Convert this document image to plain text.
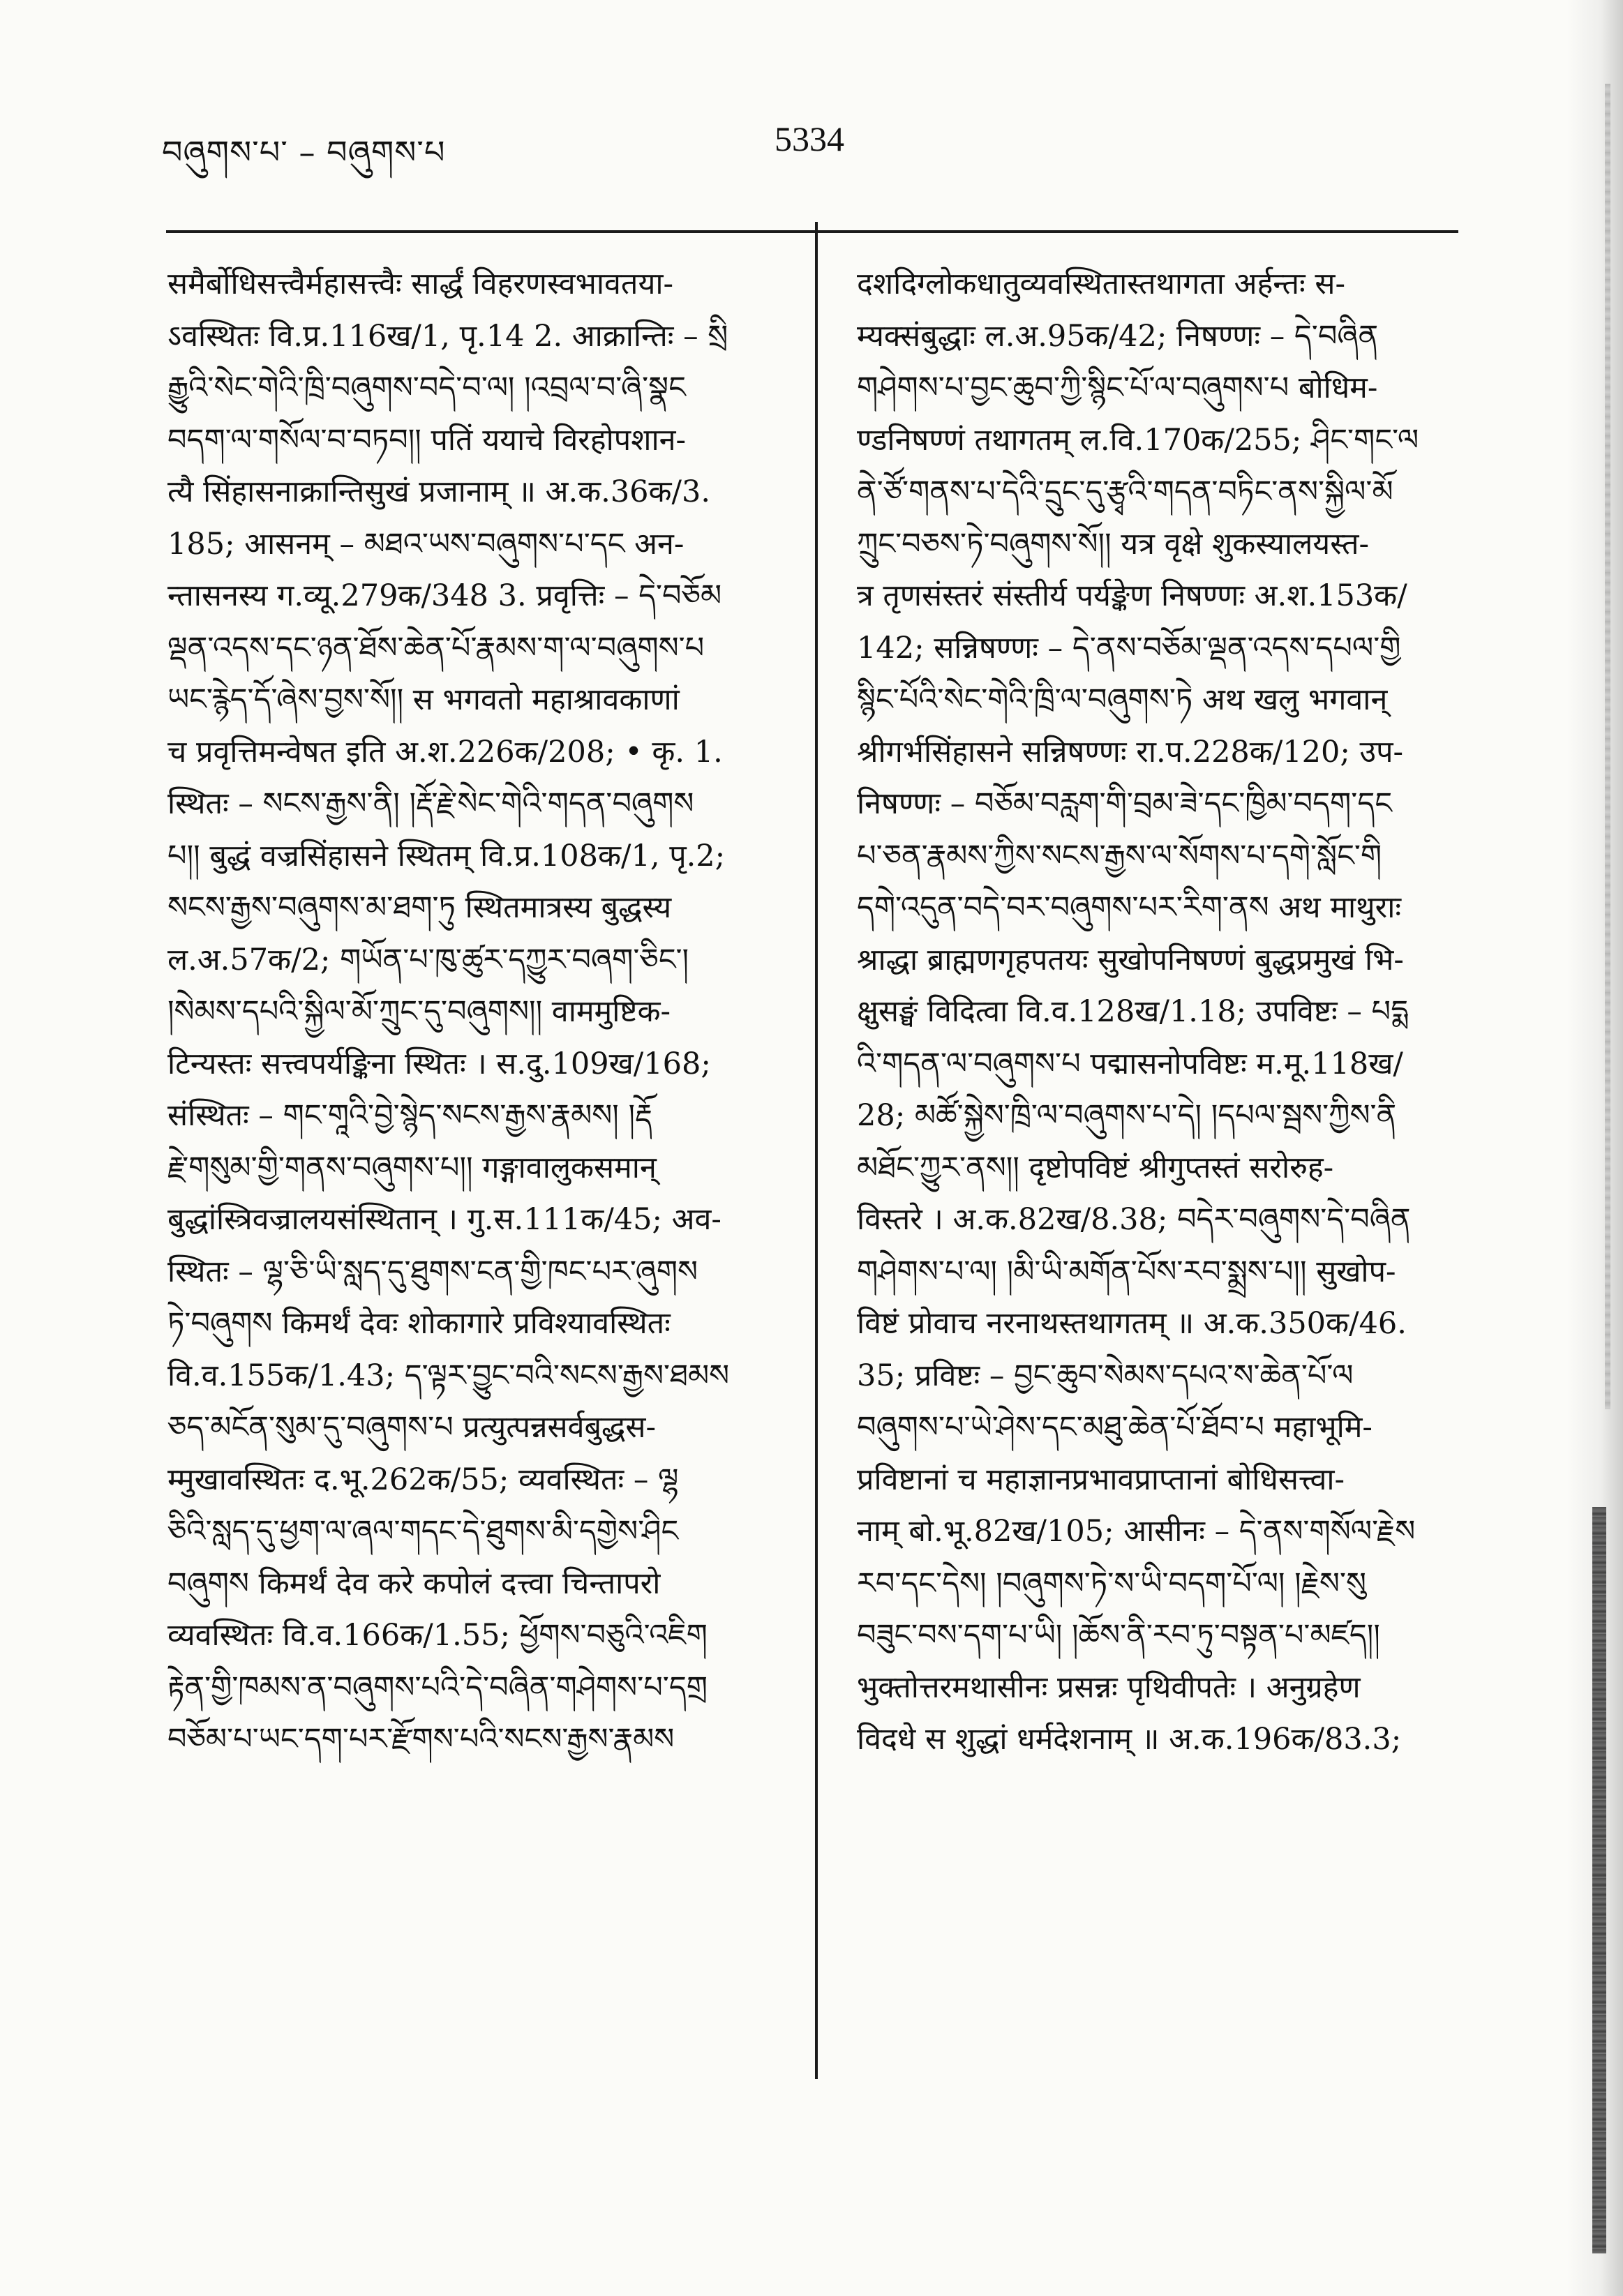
བཞུགས་པ་ – བཞུགས་པ	5334
समैर्बोधिसत्त्वैर्महासत्त्वैः सार्द्धं विहरणस्वभावतया-
ऽवस्थितः वि.प्र.116ख/1, पृ.14 2. आक्रान्तिः – སྲི
རྒྱུའི་སེང་གེའི་ཁྲི་བཞུགས་བདེ་བ་ལ། །འབྲལ་བ་ཞི་སྣང
བདག་ལ་གསོལ་བ་བཏབ།། पतिं ययाचे विरहोपशान-
त्यै सिंहासनाक्रान्तिसुखं प्रजानाम् ॥ अ.क.36क/3.
185; आसनम् – མཐའ་ཡས་བཞུགས་པ་དང अन-
न्तासनस्य ग.व्यू.279क/348 3. प्रवृत्तिः – དེ་བཅོམ
ལྡན་འདས་དང་ཉན་ཐོས་ཆེན་པོ་རྣམས་ག་ལ་བཞུགས་པ
ཡང་རྙེད་དོ་ཞེས་བྱས་སོ།། स भगवतो महाश्रावकाणां
च प्रवृत्तिमन्वेषत इति अ.श.226क/208; • कृ. 1.
स्थितः – སངས་རྒྱས་ནི། །རྡོ་རྗེ་སེང་གེའི་གདན་བཞུགས
པ།། बुद्धं वज्रसिंहासने स्थितम् वि.प्र.108क/1, पृ.2;
སངས་རྒྱས་བཞུགས་མ་ཐག་ཏུ स्थितमात्रस्य बुद्धस्य
ल.अ.57क/2; གཡོན་པ་ཁུ་ཚུར་དཀྱུར་བཞག་ཅིང་།
།སེམས་དཔའི་སྐྱིལ་མོ་ཀྲུང་དུ་བཞུགས།། वाममुष्टिक-
टिन्यस्तः सत्त्वपर्यङ्किना स्थितः । स.दु.109ख/168;
संस्थितः – གང་གཱའི་བྱེ་སྙེད་སངས་རྒྱས་རྣམས། །རྡོ
རྗེ་གསུམ་གྱི་གནས་བཞུགས་པ།། गङ्गावालुकसमान्
बुद्धांस्त्रिवज्रालयसंस्थितान् । गु.स.111क/45; अव-
स्थितः – ལྷ་ཅི་ཡི་སླད་དུ་ཐུགས་ངན་གྱི་ཁང་པར་ཞུགས
ཏེ་བཞུགས किमर्थं देवः शोकागारे प्रविश्यावस्थितः
वि.व.155क/1.43; ད་ལྟར་བྱུང་བའི་སངས་རྒྱས་ཐམས
ཅད་མངོན་སུམ་དུ་བཞུགས་པ प्रत्युत्पन्नसर्वबुद्धस-
म्मुखावस्थितः द.भू.262क/55; व्यवस्थितः – ལྷ
ཅིའི་སླད་དུ་ཕྱག་ལ་ཞལ་གདང་དེ་ཐུགས་མི་དགྱེས་ཤིང
བཞུགས किमर्थं देव करे कपोलं दत्त्वा चिन्तापरो
व्यवस्थितः वि.व.166क/1.55; ཕྱོགས་བཅུའི་འཇིག
རྟེན་གྱི་ཁམས་ན་བཞུགས་པའི་དེ་བཞིན་གཤེགས་པ་དགྲ
བཅོམ་པ་ཡང་དག་པར་རྫོགས་པའི་སངས་རྒྱས་རྣམས
दशदिग्लोकधातुव्यवस्थितास्तथागता अर्हन्तः स-
म्यक्संबुद्धाः ल.अ.95क/42; निषण्णः – དེ་བཞིན
གཤེགས་པ་བྱང་ཆུབ་ཀྱི་སྙིང་པོ་ལ་བཞུགས་པ बोधिम-
ण्डनिषण्णं तथागतम् ल.वि.170क/255; ཤིང་གང་ལ
ནེ་ཙོ་གནས་པ་དེའི་དྲུང་དུ་རྩྭའི་གདན་བཏིང་ནས་སྐྱིལ་མོ
ཀྲུང་བཅས་ཏེ་བཞུགས་སོ།། यत्र वृक्षे शुकस्यालयस्त-
त्र तृणसंस्तरं संस्तीर्य पर्यङ्केण निषण्णः अ.श.153क/
142; सन्निषण्णः – དེ་ནས་བཅོམ་ལྡན་འདས་དཔལ་གྱི
སྙིང་པོའི་སེང་གེའི་ཁྲི་ལ་བཞུགས་ཏེ अथ खलु भगवान्
श्रीगर्भसिंहासने सन्निषण्णः रा.प.228क/120; उप-
निषण्णः – བཅོམ་བརླག་གི་བྲམ་ཟེ་དང་ཁྱིམ་བདག་དང
པ་ཅན་རྣམས་ཀྱིས་སངས་རྒྱས་ལ་སོགས་པ་དགེ་སློང་གི
དགེ་འདུན་བདེ་བར་བཞུགས་པར་རིག་ནས अथ माथुराः
श्राद्धा ब्राह्मणगृहपतयः सुखोपनिषण्णं बुद्धप्रमुखं भि-
क्षुसङ्घं विदित्वा वि.व.128ख/1.18; उपविष्टः – པདྨ
འི་གདན་ལ་བཞུགས་པ पद्मासनोपविष्टः म.मू.118ख/
28; མཚོ་སྐྱེས་ཁྲི་ལ་བཞུགས་པ་དེ། །དཔལ་སྦས་ཀྱིས་ནི
མཐོང་ཀྱུར་ནས།། दृष्टोपविष्टं श्रीगुप्तस्तं सरोरुह-
विस्तरे । अ.क.82ख/8.38; བདེར་བཞུགས་དེ་བཞིན
གཤེགས་པ་ལ། །མི་ཡི་མགོན་པོས་རབ་སྨྲས་པ།། सुखोप-
विष्टं प्रोवाच नरनाथस्तथागतम् ॥ अ.क.350क/46.
35; प्रविष्टः – བྱང་ཆུབ་སེམས་དཔའ་ས་ཆེན་པོ་ལ
བཞུགས་པ་ཡེ་ཤེས་དང་མཐུ་ཆེན་པོ་ཐོབ་པ महाभूमि-
प्रविष्टानां च महाज्ञानप्रभावप्राप्तानां बोधिसत्त्वा-
नाम् बो.भू.82ख/105; आसीनः – དེ་ནས་གསོལ་རྗེས
རབ་དང་དེས། །བཞུགས་ཏེ་ས་ཡི་བདག་པོ་ལ། །རྗེས་སུ
བཟུང་བས་དག་པ་ཡི། །ཆོས་ནི་རབ་ཏུ་བསྟན་པ་མཛད།།
भुक्तोत्तरमथासीनः प्रसन्नः पृथिवीपतेः । अनुग्रहेण
विदधे स शुद्धां धर्मदेशनाम् ॥ अ.क.196क/83.3;
